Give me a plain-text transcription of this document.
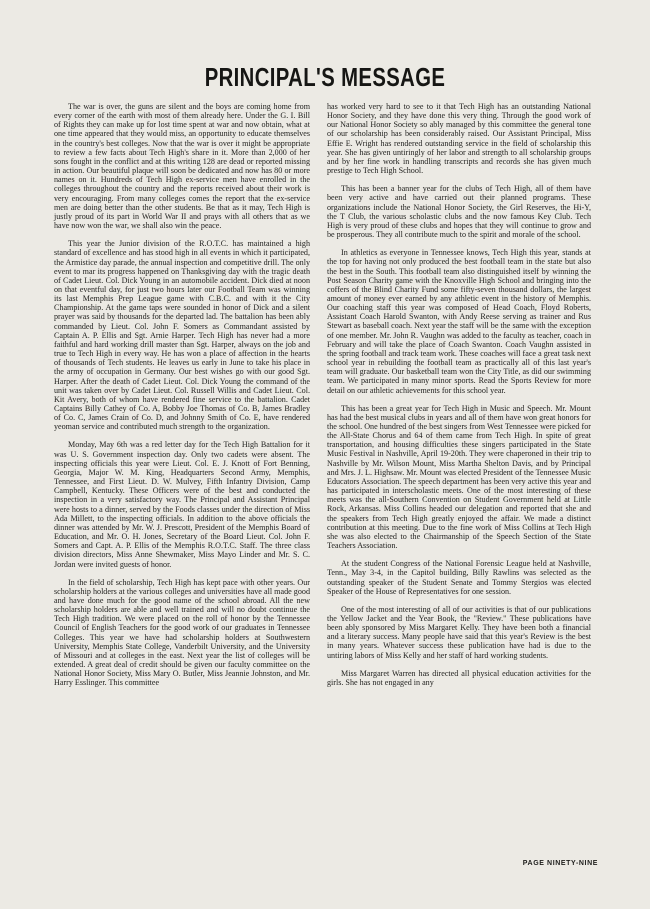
PRINCIPAL'S MESSAGE

The war is over, the guns are silent and the boys are coming home from every corner of the earth with most of them already here. Under the G. I. Bill of Rights they can make up for lost time spent at war and now obtain, what at one time appeared that they would miss, an opportunity to educate themselves in the country's best colleges. Now that the war is over it might be appropriate to review a few facts about Tech High's share in it. More than 2,000 of her sons fought in the conflict and at this writing 128 are dead or reported missing in action. Our beautiful plaque will soon be dedicated and now has 80 or more names on it. Hundreds of Tech High ex-service men have enrolled in the colleges throughout the country and the reports received about their work is very encouraging. From many colleges comes the report that the ex-service men are doing better than the other students. Be that as it may, Tech High is justly proud of its part in World War II and prays with all others that as we have now won the war, we shall also win the peace.

This year the Junior division of the R.O.T.C. has maintained a high standard of excellence and has stood high in all events in which it participated, the Armistice day parade, the annual inspection and competitive drill. The only event to mar its progress happened on Thanksgiving day with the tragic death of Cadet Lieut. Col. Dick Young in an automobile accident. Dick died at noon on that eventful day, for just two hours later our Football Team was winning its last Memphis Prep League game with C.B.C. and with it the City Championship. At the game taps were sounded in honor of Dick and a silent prayer was said by thousands for the departed lad. The battalion has been ably commanded by Lieut. Col. John F. Somers as Commandant assisted by Captain A. P. Ellis and Sgt. Arnie Harper. Tech High has never had a more faithful and hard working drill master than Sgt. Harper, always on the job and true to Tech High in every way. He has won a place of affection in the hearts of thousands of Tech students. He leaves us early in June to take his place in the army of occupation in Germany. Our best wishes go with our good Sgt. Harper. After the death of Cadet Lieut. Col. Dick Young the command of the unit was taken over by Cadet Lieut. Col. Russell Willis and Cadet Lieut. Col. Kit Avery, both of whom have rendered fine service to the battalion. Cadet Captains Billy Cathey of Co. A, Bobby Joe Thomas of Co. B, James Bradley of Co. C, James Crain of Co. D, and Johnny Smith of Co. E, have rendered yeoman service and contributed much strength to the organization.

Monday, May 6th was a red letter day for the Tech High Battalion for it was U. S. Government inspection day. Only two cadets were absent. The inspecting officials this year were Lieut. Col. E. J. Knott of Fort Benning, Georgia, Major W. M. King, Headquarters Second Army, Memphis, Tennessee, and First Lieut. D. W. Mulvey, Fifth Infantry Division, Camp Campbell, Kentucky. These Officers were of the best and conducted the inspection in a very satisfactory way. The Principal and Assistant Principal were hosts to a dinner, served by the Foods classes under the direction of Miss Ada Millett, to the inspecting officials. In addition to the above officials the dinner was attended by Mr. W. J. Prescott, President of the Memphis Board of Education, and Mr. O. H. Jones, Secretary of the Board Lieut. Col. John F. Somers and Capt. A. P. Ellis of the Memphis R.O.T.C. Staff. The three class division directors, Miss Anne Shewmaker, Miss Mayo Linder and Mr. S. C. Jordan were invited guests of honor.

In the field of scholarship, Tech High has kept pace with other years. Our scholarship holders at the various colleges and universities have all made good and have done much for the good name of the school abroad. All the new scholarship holders are able and well trained and will no doubt continue the Tech High tradition. We were placed on the roll of honor by the Tennessee Council of English Teachers for the good work of our graduates in Tennessee Colleges. This year we have had scholarship holders at Southwestern University, Memphis State College, Vanderbilt University, and the University of Missouri and at colleges in the east. Next year the list of colleges will be extended. A great deal of credit should be given our faculty committee on the National Honor Society, Miss Mary O. Butler, Miss Jeannie Johnston, and Mr. Harry Esslinger. This committee

has worked very hard to see to it that Tech High has an outstanding National Honor Society, and they have done this very thing. Through the good work of our National Honor Society so ably managed by this committee the general tone of our scholarship has been considerably raised. Our Assistant Principal, Miss Effie E. Wright has rendered outstanding service in the field of scholarship this year. She has given untiringly of her labor and strength to all scholarship groups and by her fine work in handling transcripts and records she has given much prestige to Tech High School.

This has been a banner year for the clubs of Tech High, all of them have been very active and have carried out their planned programs. These organizations include the National Honor Society, the Girl Reserves, the Hi-Y, the T Club, the various scholastic clubs and the now famous Key Club. Tech High is very proud of these clubs and hopes that they will continue to grow and be prosperous. They all contribute much to the spirit and morale of the school.

In athletics as everyone in Tennessee knows, Tech High this year, stands at the top for having not only produced the best football team in the state but also the best in the South. This football team also distinguished itself by winning the Post Season Charity game with the Knoxville High School and bringing into the coffers of the Blind Charity Fund some fifty-seven thousand dollars, the largest amount of money ever earned by any athletic event in the history of Memphis. Our coaching staff this year was composed of Head Coach, Floyd Roberts, Assistant Coach Harold Swanton, with Andy Reese serving as trainer and Rus Stewart as baseball coach. Next year the staff will be the same with the exception of one member. Mr. John R. Vaughn was added to the faculty as teacher, coach in February and will take the place of Coach Swanton. Coach Vaughn assisted in the spring football and track team work. These coaches will face a great task next school year in rebuilding the football team as practically all of this last year's team will graduate. Our basketball team won the City Title, as did our swimming team. We participated in many minor sports. Read the Sports Review for more detail on our athletic achievements for this school year.

This has been a great year for Tech High in Music and Speech. Mr. Mount has had the best musical clubs in years and all of them have won great honors for the school. One hundred of the best singers from West Tennessee were picked for the All-State Chorus and 64 of them came from Tech High. In spite of great transportation, and housing difficulties these singers participated in the State Music Festival in Nashville, April 19-20th. They were chaperoned in their trip to Nashville by Mr. Wilson Mount, Miss Martha Shelton Davis, and by Principal and Mrs. J. L. Highsaw. Mr. Mount was elected President of the Tennessee Music Educators Association. The speech department has been very active this year and has participated in interscholastic meets. One of the most interesting of these meets was the all-Southern Convention on Student Government held at Little Rock, Arkansas. Miss Collins headed our delegation and reported that she and the speakers from Tech High greatly enjoyed the affair. We made a distinct contribution at this meeting. Due to the fine work of Miss Collins at Tech High she was also elected to the Chairmanship of the Speech Section of the State Teachers Association.

At the student Congress of the National Forensic League held at Nashville, Tenn., May 3-4, in the Capitol building, Billy Rawlins was selected as the outstanding speaker of the Student Senate and Tommy Stergios was elected Speaker of the House of Representatives for one session.

One of the most interesting of all of our activities is that of our publications the Yellow Jacket and the Year Book, the "Review." These publications have been ably sponsored by Miss Margaret Kelly. They have been both a financial and a literary success. Many people have said that this year's Review is the best in many years. Whatever success these publication have had is due to the untiring labors of Miss Kelly and her staff of hard working students.

Miss Margaret Warren has directed all physical education activities for the girls. She has not engaged in any

PAGE NINETY-NINE
